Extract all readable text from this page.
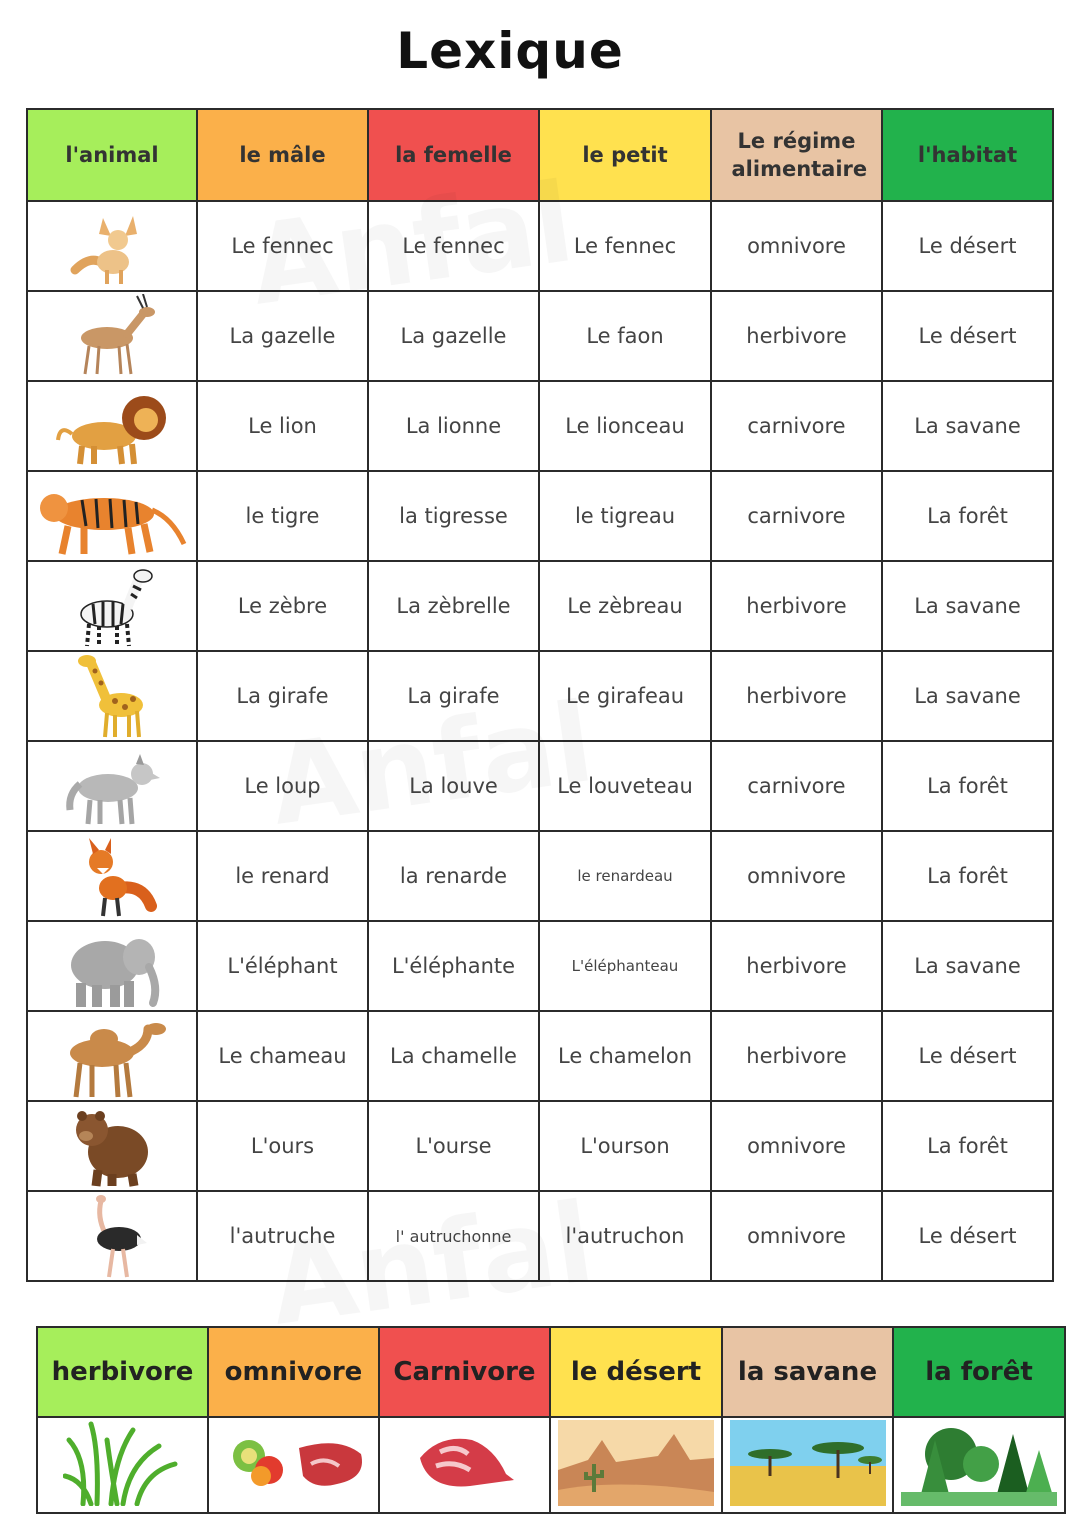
Lexique
l'animal	le mâle	la femelle	le petit	Le régime alimentaire	l'habitat

	Le fennec	Le fennec	Le fennec	omnivore	Le désert

	La gazelle	La gazelle	Le faon	herbivore	Le désert

	Le lion	La lionne	Le lionceau	carnivore	La savane

	le tigre	la tigresse	le tigreau	carnivore	La forêt

	Le zèbre	La zèbrelle	Le zèbreau	herbivore	La savane

	La girafe	La girafe	Le girafeau	herbivore	La savane

	Le loup	La louve	Le louveteau	carnivore	La forêt

	le renard	la renarde	le renardeau	omnivore	La forêt

	L'éléphant	L'éléphante	L'éléphanteau	herbivore	La savane

	Le chameau	La chamelle	Le chamelon	herbivore	Le désert

	L'ours	L'ourse	L'ourson	omnivore	La forêt

	l'autruche	l' autruchonne	l'autruchon	omnivore	Le désert
herbivore	omnivore	Carnivore	le désert	la savane	la forêt
